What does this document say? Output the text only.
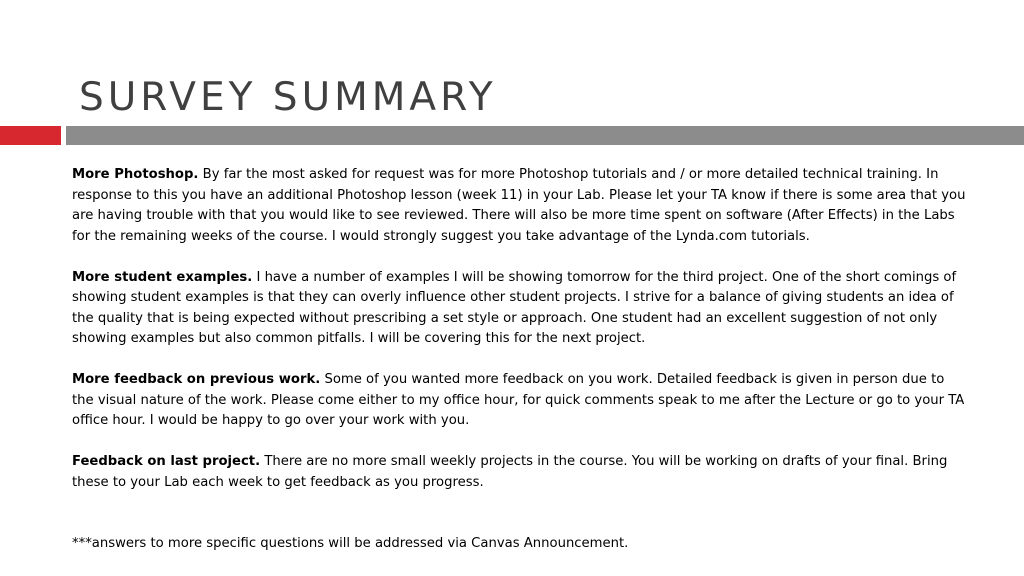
SURVEY SUMMARY

More Photoshop. By far the most asked for request was for more Photoshop tutorials and / or more detailed technical training. In response to this you have an additional Photoshop lesson (week 11) in your Lab. Please let your TA know if there is some area that you are having trouble with that you would like to see reviewed. There will also be more time spent on software (After Effects) in the Labs for the remaining weeks of the course. I would strongly suggest you take advantage of the Lynda.com tutorials.

More student examples. I have a number of examples I will be showing tomorrow for the third project. One of the short comings of showing student examples is that they can overly influence other student projects. I strive for a balance of giving students an idea of the quality that is being expected without prescribing a set style or approach. One student had an excellent suggestion of not only showing examples but also common pitfalls. I will be covering this for the next project.

More feedback on previous work. Some of you wanted more feedback on you work. Detailed feedback is given in person due to the visual nature of the work. Please come either to my office hour, for quick comments speak to me after the Lecture or go to your TA office hour. I would be happy to go over your work with you.

Feedback on last project. There are no more small weekly projects in the course. You will be working on drafts of your final. Bring these to your Lab each week to get feedback as you progress.

***answers to more specific questions will be addressed via Canvas Announcement.
